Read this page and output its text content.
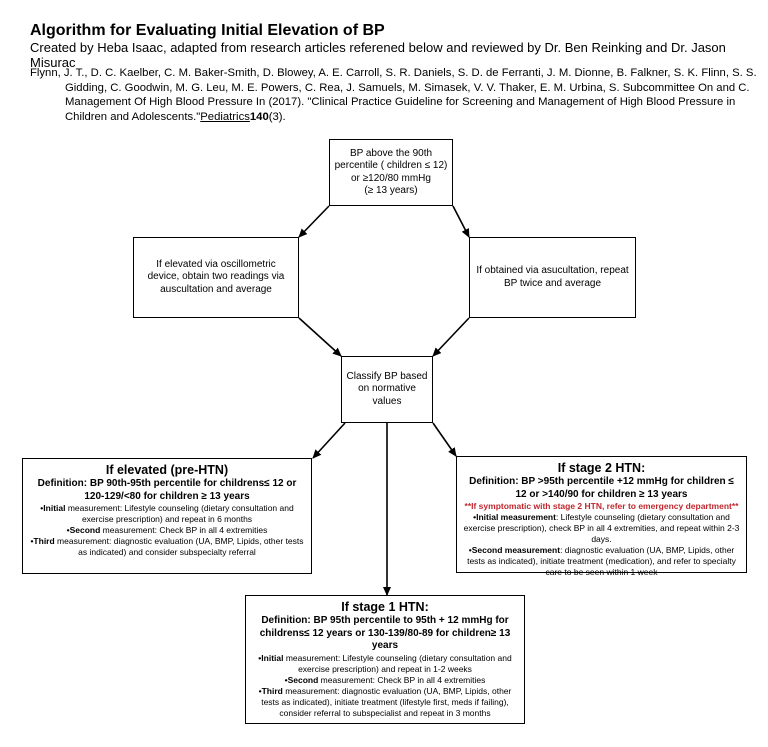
Algorithm for Evaluating Initial Elevation of BP
Created by Heba Isaac, adapted from research articles referened below and reviewed by Dr. Ben Reinking and Dr. Jason Misurac
Flynn, J. T., D. C. Kaelber, C. M. Baker-Smith, D. Blowey, A. E. Carroll, S. R. Daniels, S. D. de Ferranti, J. M. Dionne, B. Falkner, S. K. Flinn, S. S. Gidding, C. Goodwin, M. G. Leu, M. E. Powers, C. Rea, J. Samuels, M. Simasek, V. V. Thaker, E. M. Urbina, S. Subcommittee On and C. Management Of High Blood Pressure In (2017). "Clinical Practice Guideline for Screening and Management of High Blood Pressure in Children and Adolescents."Pediatrics140(3).
BP above the 90th
percentile ( children ≤ 12)
or ≥120/80 mmHg
(≥ 13 years)
If elevated via oscillometric device, obtain two readings via auscultation and average
If obtained via asucultation, repeat BP twice and average
Classify BP based
on normative
values
If elevated (pre-HTN)
Definition: BP 90th-95th percentile for childrens≤ 12 or 120-129/<80 for children ≥ 13 years
•Initial measurement: Lifestyle counseling (dietary consultation and exercise prescription) and repeat in 6 months
•Second measurement: Check BP in all 4 extremities
•Third measurement: diagnostic evaluation (UA, BMP, Lipids, other tests as indicated) and consider subspecialty referral
If stage 2 HTN:
Definition: BP >95th percentile +12 mmHg for children ≤ 12 or >140/90 for children ≥ 13 years
**If symptomatic with stage 2 HTN, refer to emergency department**
•Initial measurement: Lifestyle counseling (dietary consultation and exercise prescription), check BP in all 4 extremities, and repeat within 2-3 days.
•Second measurement: diagnostic evaluation (UA, BMP, Lipids, other tests as indicated), initiate treatment (medication), and refer to specialty care to be seen within 1 week
If stage 1 HTN:
Definition: BP 95th percentile to 95th + 12 mmHg for childrens≤ 12 years or 130-139/80-89 for children≥ 13 years
•Initial measurement: Lifestyle counseling (dietary consultation and exercise prescription) and repeat in 1-2 weeks
•Second measurement: Check BP in all 4 extremities
•Third measurement: diagnostic evaluation (UA, BMP, Lipids, other tests as indicated), initiate treatment (lifestyle first, meds if failing), consider referral to subspecialist and repeat in 3 months
